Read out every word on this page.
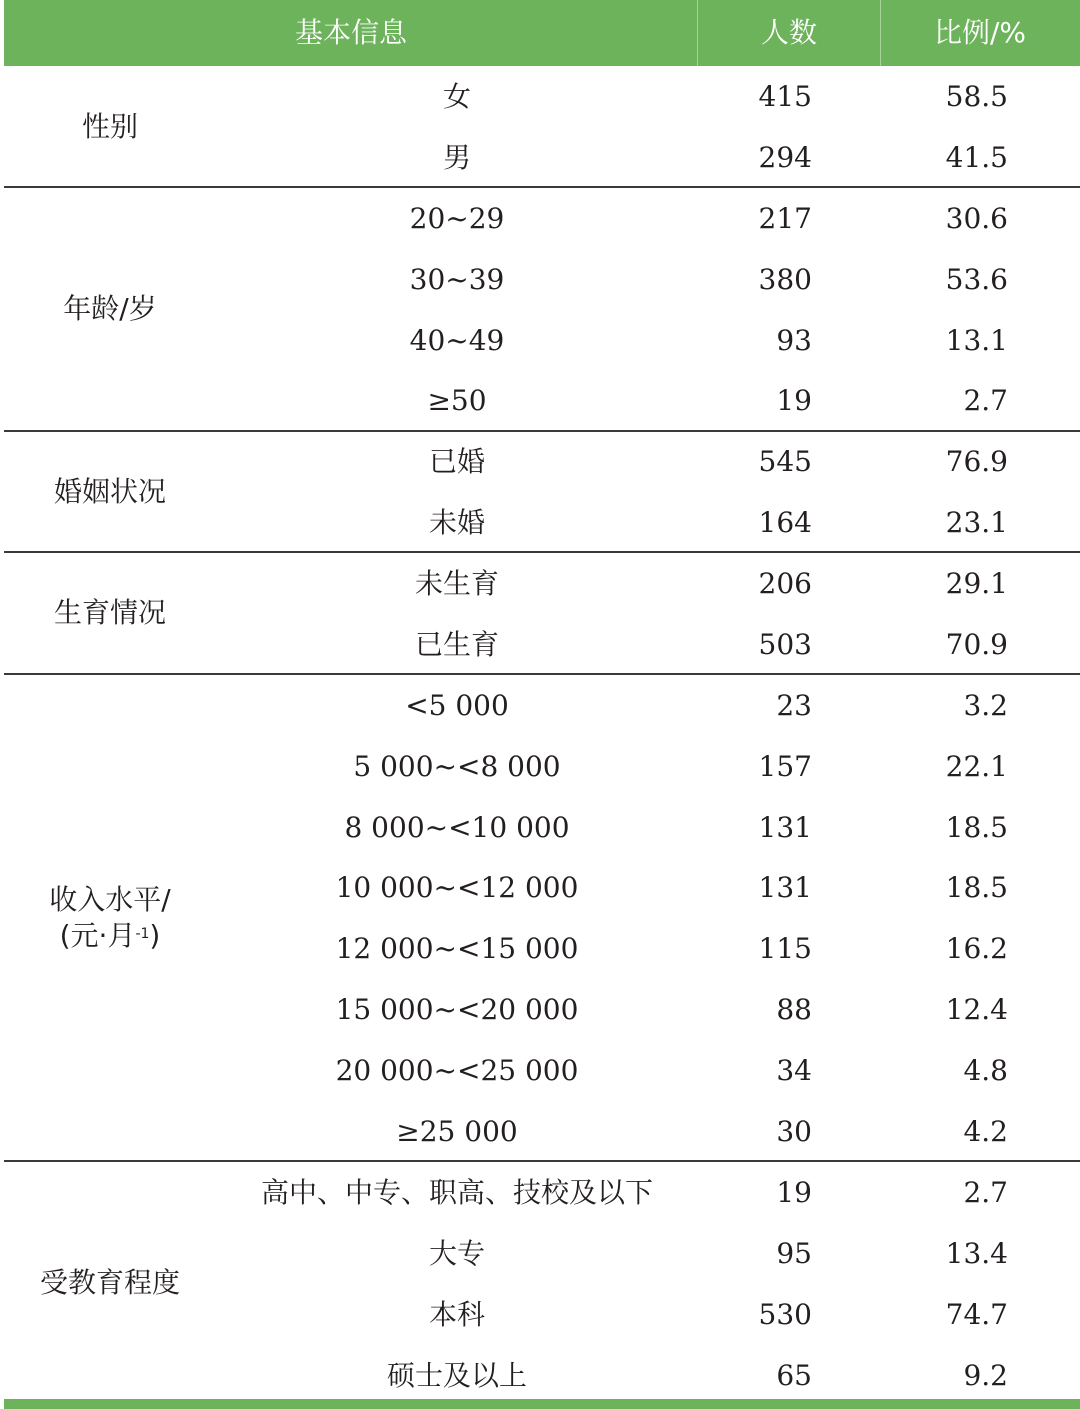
基本信息	人数	比例/%
性别
女	415	58.5
男	294	41.5
年龄/岁
20~29	217	30.6
30~39	380	53.6
40~49	93	13.1
≥50	19	2.7
婚姻状况
已婚	545	76.9
未婚	164	23.1
生育情况
未生育	206	29.1
已生育	503	70.9
收入水平/
(元·月$^{-1}$)
<5 000	23	3.2
5 000~<8 000	157	22.1
8 000~<10 000	131	18.5
10 000~<12 000	131	18.5
12 000~<15 000	115	16.2
15 000~<20 000	88	12.4
20 000~<25 000	34	4.8
≥25 000	30	4.2
受教育程度
高中、中专、职高、技校及以下	19	2.7
大专	95	13.4
本科	530	74.7
硕士及以上	65	9.2
